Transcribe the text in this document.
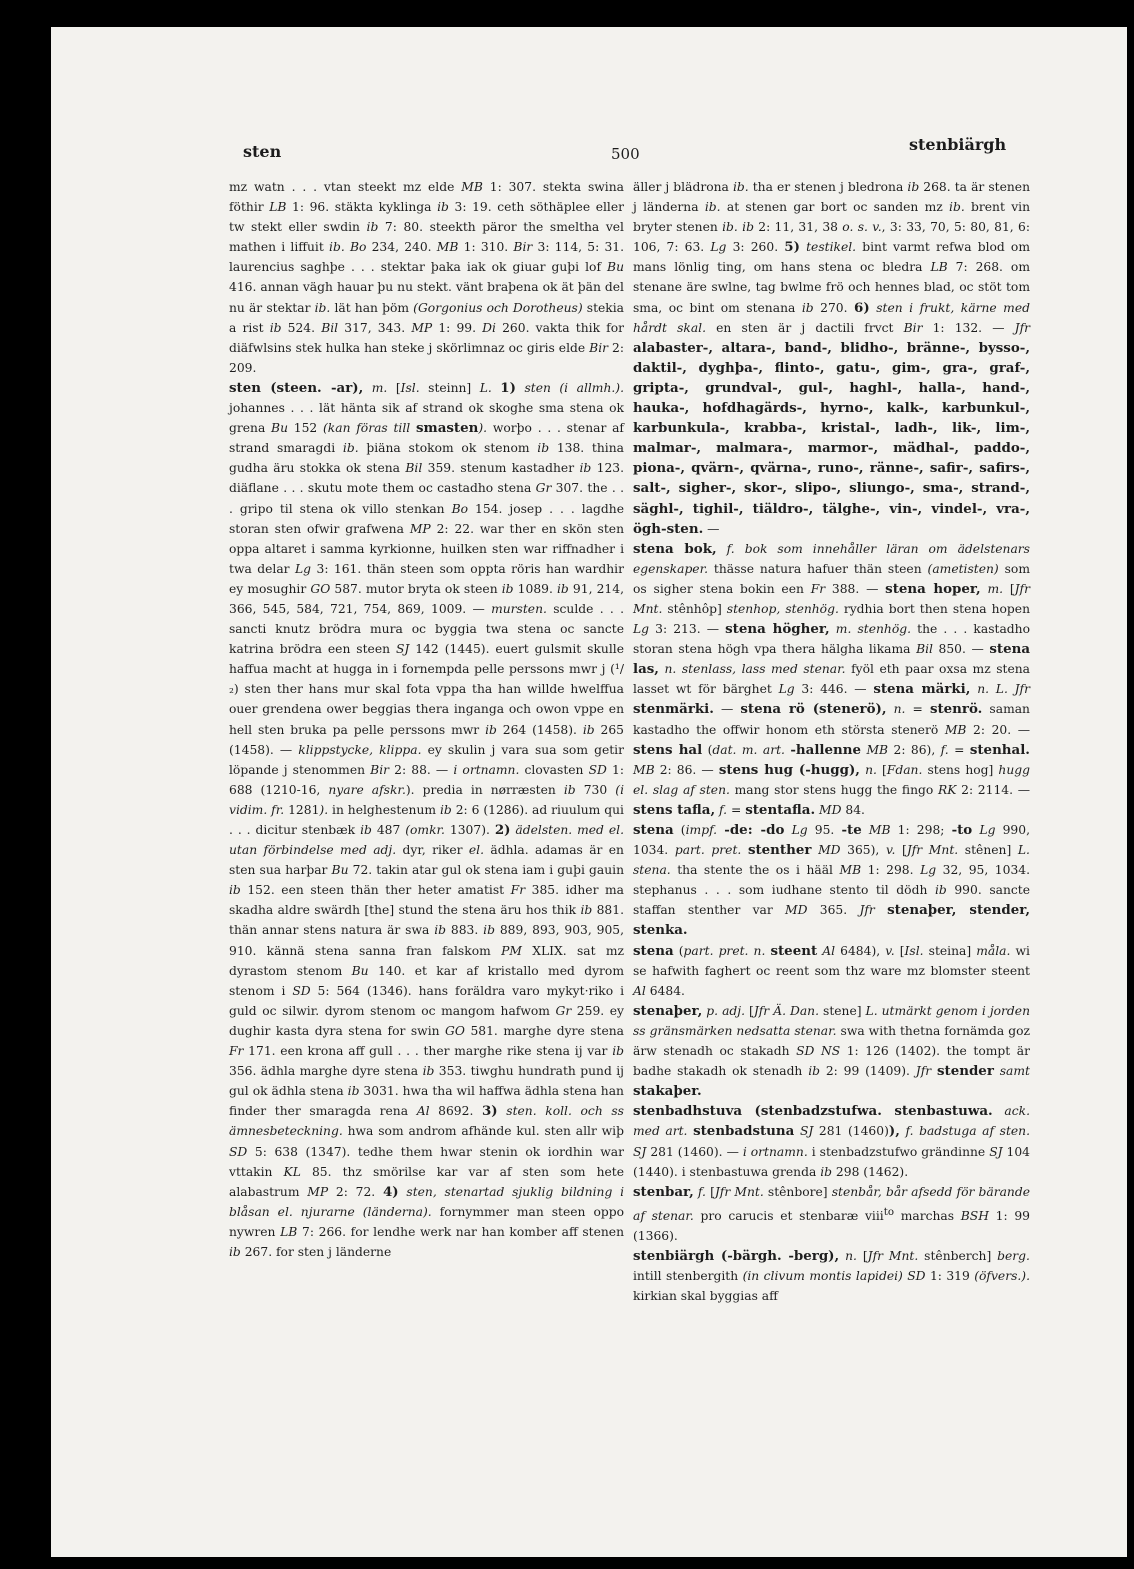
sten	500	stenbiärgh

mz watn . . . vtan steekt mz elde MB 1: 307. stekta swina föthir LB 1: 96. stäkta kyklinga ib 3: 19. ceth söthäplee eller tw stekt eller swdin ib 7: 80. steekth päror the smeltha vel mathen i liffuit ib. Bo 234, 240. MB 1: 310. Bir 3: 114, 5: 31. laurencius saghþe . . . stektar þaka iak ok giuar guþi lof Bu 416. annan vägh hauar þu nu stekt. vänt braþena ok ät þän del nu är stektar ib. lät han þöm (Gorgonius och Dorotheus) stekia a rist ib 524. Bil 317, 343. MP 1: 99. Di 260. vakta thik for diäfwlsins stek hulka han steke j skörlimnaz oc giris elde Bir 2: 209.

sten (steen. -ar), m. [Isl. steinn] L. 1) sten (i allmh.). johannes . . . lät hänta sik af strand ok skoghe sma stena ok grena Bu 152 (kan föras till smasten). worþo . . . stenar af strand smaragdi ib. þiäna stokom ok stenom ib 138. thina gudha äru stokka ok stena Bil 359. stenum kastadher ib 123. diäflane . . . skutu mote them oc castadho stena Gr 307. the . . . gripo til stena ok villo stenkan Bo 154. josep . . . lagdhe storan sten ofwir grafwena MP 2: 22. war ther en skön sten oppa altaret i samma kyrkionne, huilken sten war riffnadher i twa delar Lg 3: 161. thän steen som oppta röris han wardhir ey mosughir GO 587. mutor bryta ok steen ib 1089. ib 91, 214, 366, 545, 584, 721, 754, 869, 1009. — mursten. sculde . . . sancti knutz brödra mura oc byggia twa stena oc sancte katrina brödra een steen SJ 142 (1445). euert gulsmit skulle haffua macht at hugga in i fornempda pelle perssons mwr j (¹/₂) sten ther hans mur skal fota vppa tha han willde hwelffua ouer grendena ower beggias thera inganga och owon vppe en hell sten bruka pa pelle perssons mwr ib 264 (1458). ib 265 (1458). — klippstycke, klippa. ey skulin j vara sua som getir löpande j stenommen Bir 2: 88. — i ortnamn. clovasten SD 1: 688 (1210-16, nyare afskr.). predia in nørræsten ib 730 (i vidim. fr. 1281). in helghestenum ib 2: 6 (1286). ad riuulum qui . . . dicitur stenbæk ib 487 (omkr. 1307). 2) ädelsten. med el. utan förbindelse med adj. dyr, riker el. ädhla. adamas är en sten sua harþar Bu 72. takin atar gul ok stena iam i guþi gauin ib 152. een steen thän ther heter amatist Fr 385. idher ma skadha aldre swärdh [the] stund the stena äru hos thik ib 881. thän annar stens natura är swa ib 883. ib 889, 893, 903, 905, 910. kännä stena sanna fran falskom PM XLIX. sat mz dyrastom stenom Bu 140. et kar af kristallo med dyrom stenom i SD 5: 564 (1346). hans foräldra varo mykyt·riko i guld oc silwir. dyrom stenom oc mangom hafwom Gr 259. ey dughir kasta dyra stena for swin GO 581. marghe dyre stena Fr 171. een krona aff gull . . . ther marghe rike stena ij var ib 356. ädhla marghe dyre stena ib 353. tiwghu hundrath pund ij gul ok ädhla stena ib 3031. hwa tha wil haffwa ädhla stena han finder ther smaragda rena Al 8692. 3) sten. koll. och ss ämnesbeteckning. hwa som androm afhände kul. sten allr wiþ SD 5: 638 (1347). tedhe them hwar stenin ok iordhin war vttakin KL 85. thz smörilse kar var af sten som hete alabastrum MP 2: 72. 4) sten, stenartad sjuklig bildning i blåsan el. njurarne (länderna). fornymmer man steen oppo nywren LB 7: 266. for lendhe werk nar han komber aff stenen ib 267. for sten j länderne

äller j blädrona ib. tha er stenen j bledrona ib 268. ta är stenen j länderna ib. at stenen gar bort oc sanden mz ib. brent vin bryter stenen ib. ib 2: 11, 31, 38 o. s. v., 3: 33, 70, 5: 80, 81, 6: 106, 7: 63. Lg 3: 260. 5) testikel. bint varmt refwa blod om mans lönlig ting, om hans stena oc bledra LB 7: 268. om stenane äre swlne, tag bwlme frö och hennes blad, oc stöt tom sma, oc bint om stenana ib 270. 6) sten i frukt, kärne med hårdt skal. en sten är j dactili frvct Bir 1: 132. — Jfr alabaster-, altara-, band-, blidho-, bränne-, bysso-, daktil-, dyghþa-, flinto-, gatu-, gim-, gra-, graf-, gripta-, grundval-, gul-, haghl-, halla-, hand-, hauka-, hofdhagärds-, hyrno-, kalk-, karbunkul-, karbunkula-, krabba-, kristal-, ladh-, lik-, lim-, malmar-, malmara-, marmor-, mädhal-, paddo-, piona-, qvärn-, qvärna-, runo-, ränne-, safir-, safirs-, salt-, sigher-, skor-, slipo-, sliungo-, sma-, strand-, säghl-, tighil-, tiäldro-, tälghe-, vin-, vindel-, vra-, ögh-sten. —

stena bok, f. bok som innehåller läran om ädelstenars egenskaper. thässe natura hafuer thän steen (ametisten) som os sigher stena bokin een Fr 388. — stena hoper, m. [Jfr Mnt. stênhôp] stenhop, stenhög. rydhia bort then stena hopen Lg 3: 213. — stena högher, m. stenhög. the . . . kastadho storan stena högh vpa thera hälgha likama Bil 850. — stena las, n. stenlass, lass med stenar. fyöl eth paar oxsa mz stena lasset wt för bärghet Lg 3: 446. — stena märki, n. L. Jfr stenmärki. — stena rö (stenerö), n. = stenrö. saman kastadho the offwir honom eth största stenerö MB 2: 20. — stens hal (dat. m. art. -hallenne MB 2: 86), f. = stenhal. MB 2: 86. — stens hug (-hugg), n. [Fdan. stens hog] hugg el. slag af sten. mang stor stens hugg the fingo RK 2: 2114. — stens tafla, f. = stentafla. MD 84.

stena (impf. -de: -do Lg 95. -te MB 1: 298; -to Lg 990, 1034. part. pret. stenther MD 365), v. [Jfr Mnt. stênen] L. stena. tha stente the os i hääl MB 1: 298. Lg 32, 95, 1034. stephanus . . . som iudhane stento til dödh ib 990. sancte staffan stenther var MD 365. Jfr stenaþer, stender, stenka.

stena (part. pret. n. steent Al 6484), v. [Isl. steina] måla. wi se hafwith faghert oc reent som thz ware mz blomster steent Al 6484.

stenaþer, p. adj. [Jfr Ä. Dan. stene] L. utmärkt genom i jorden ss gränsmärken nedsatta stenar. swa with thetna fornämda goz ärw stenadh oc stakadh SD NS 1: 126 (1402). the tompt är badhe stakadh ok stenadh ib 2: 99 (1409). Jfr stender samt stakaþer.

stenbadhstuva (stenbadzstufwa. stenbastuwa. ack. med art. stenbadstuna SJ 281 (1460)), f. badstuga af sten. SJ 281 (1460). — i ortnamn. i stenbadzstufwo grändinne SJ 104 (1440). i stenbastuwa grenda ib 298 (1462).

stenbar, f. [Jfr Mnt. stênbore] stenbår, bår afsedd för bärande af stenar. pro carucis et stenbaræ viii$^{to}$ marchas BSH 1: 99 (1366).

stenbiärgh (-bärgh. -berg), n. [Jfr Mnt. stênberch] berg. intill stenbergith (in clivum montis lapidei) SD 1: 319 (öfvers.). kirkian skal byggias aff
